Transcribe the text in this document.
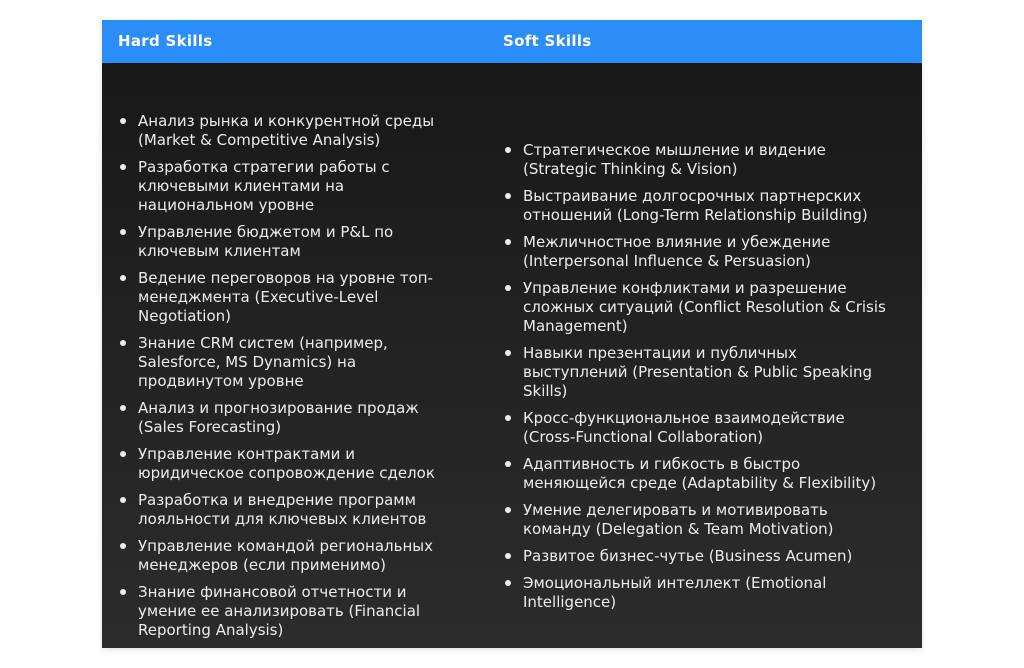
Hard Skills	Soft Skills
Анализ рынка и конкурентной среды (Market & Competitive Analysis)
Разработка стратегии работы с ключевыми клиентами на национальном уровне
Управление бюджетом и P&L по ключевым клиентам
Ведение переговоров на уровне топ-менеджмента (Executive-Level Negotiation)
Знание CRM систем (например, Salesforce, MS Dynamics) на продвинутом уровне
Анализ и прогнозирование продаж (Sales Forecasting)
Управление контрактами и юридическое сопровождение сделок
Разработка и внедрение программ лояльности для ключевых клиентов
Управление командой региональных менеджеров (если применимо)
Знание финансовой отчетности и умение ее анализировать (Financial Reporting Analysis)
Стратегическое мышление и видение (Strategic Thinking & Vision)
Выстраивание долгосрочных партнерских отношений (Long-Term Relationship Building)
Межличностное влияние и убеждение (Interpersonal Influence & Persuasion)
Управление конфликтами и разрешение сложных ситуаций (Conflict Resolution & Crisis Management)
Навыки презентации и публичных выступлений (Presentation & Public Speaking Skills)
Кросс-функциональное взаимодействие (Cross-Functional Collaboration)
Адаптивность и гибкость в быстро меняющейся среде (Adaptability & Flexibility)
Умение делегировать и мотивировать команду (Delegation & Team Motivation)
Развитое бизнес-чутье (Business Acumen)
Эмоциональный интеллект (Emotional Intelligence)
